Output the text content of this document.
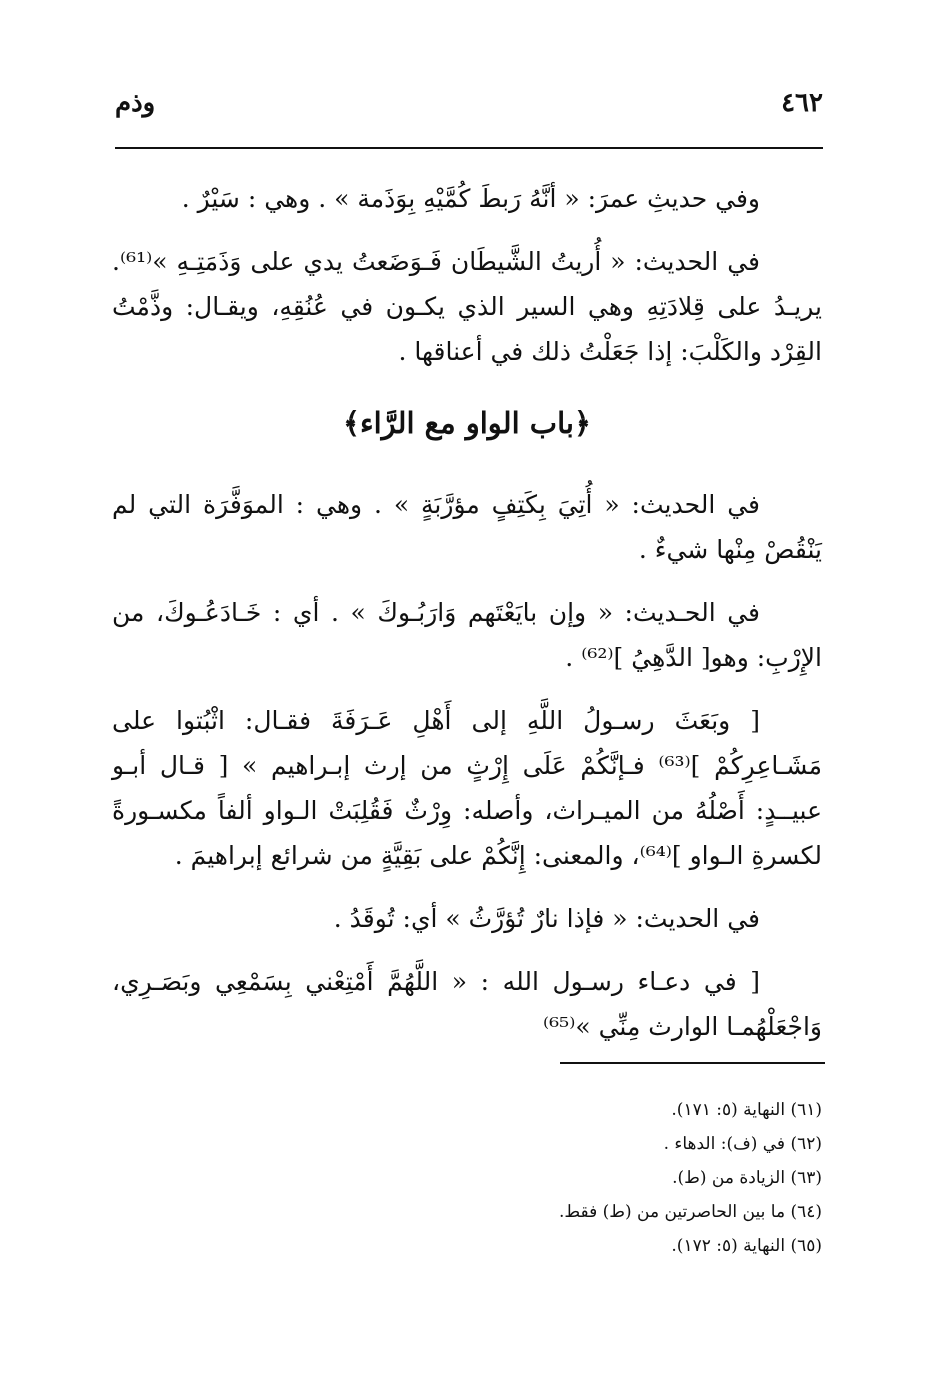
٤٦٢
وذم

وفي حديثِ عمرَ: « أنَّهُ رَبطَ كُمَّيْهِ بِوَذَمة » . وهي : سَيْرٌ .

في الحديث: « أُريتُ الشَّيطَان فَـوَضَعتُ يدي على وَذَمَتِـهِ »⁽⁶¹⁾. يريـدُ على قِلادَتِهِ وهي السير الذي يكـون في عُنُقِهِ، ويقـال: وذَّمْتُ القِرْد والكَلْبَ: إذا جَعَلْتُ ذلك في أعناقها .

﴿باب الواو مع الرَّاء﴾

في الحديث: « أُتِيَ بِكَتِفٍ مؤرَّبَةٍ » . وهي : الموَفَّرَة التي لم يَنْقُصْ مِنْها شيءٌ .

في الحـديث: « وإن بايَعْتَهم وَارَبُـوكَ » . أي : خَـادَعُـوكَ، من الإِرْبِ: وهو[ الدَّهِيُ ]⁽⁶²⁾ .

[ وبَعَثَ رسـولُ اللَّهِ إلى أَهْلِ عَـرَفَةَ فقـال: اثْبُتوا على مَشَـاعِرِكُمْ ]⁽⁶³⁾ فـإنَّكُمْ عَلَى إِرْثٍ من إرث إبـراهيم » [ قـال أبـو عبيــدٍ: أَصْلُهُ من الميـراث، وأصله: وِرْثٌ فَقُلِبَتْ الـواو ألفاً مكسـورةً لكسرةِ الـواو ]⁽⁶⁴⁾، والمعنى: إِنَّكُمْ على بَقِيَّةٍ من شرائع إبراهيمَ .

في الحديث: « فإذا نارٌ تُؤرَّثُ » أي: تُوقَدُ .

[ في دعـاء رسـول الله : « اللَّهُمَّ أَمْتِعْني بِسَمْعِي وبَصَـرِي، وَاجْعَلْهُمـا الوارث مِنِّي »⁽⁶⁵⁾

(٦١) النهاية (٥: ١٧١).
(٦٢) في (ف): الدهاء .
(٦٣) الزيادة من (ط).
(٦٤) ما بين الحاصرتين من (ط) فقط.
(٦٥) النهاية (٥: ١٧٢).
